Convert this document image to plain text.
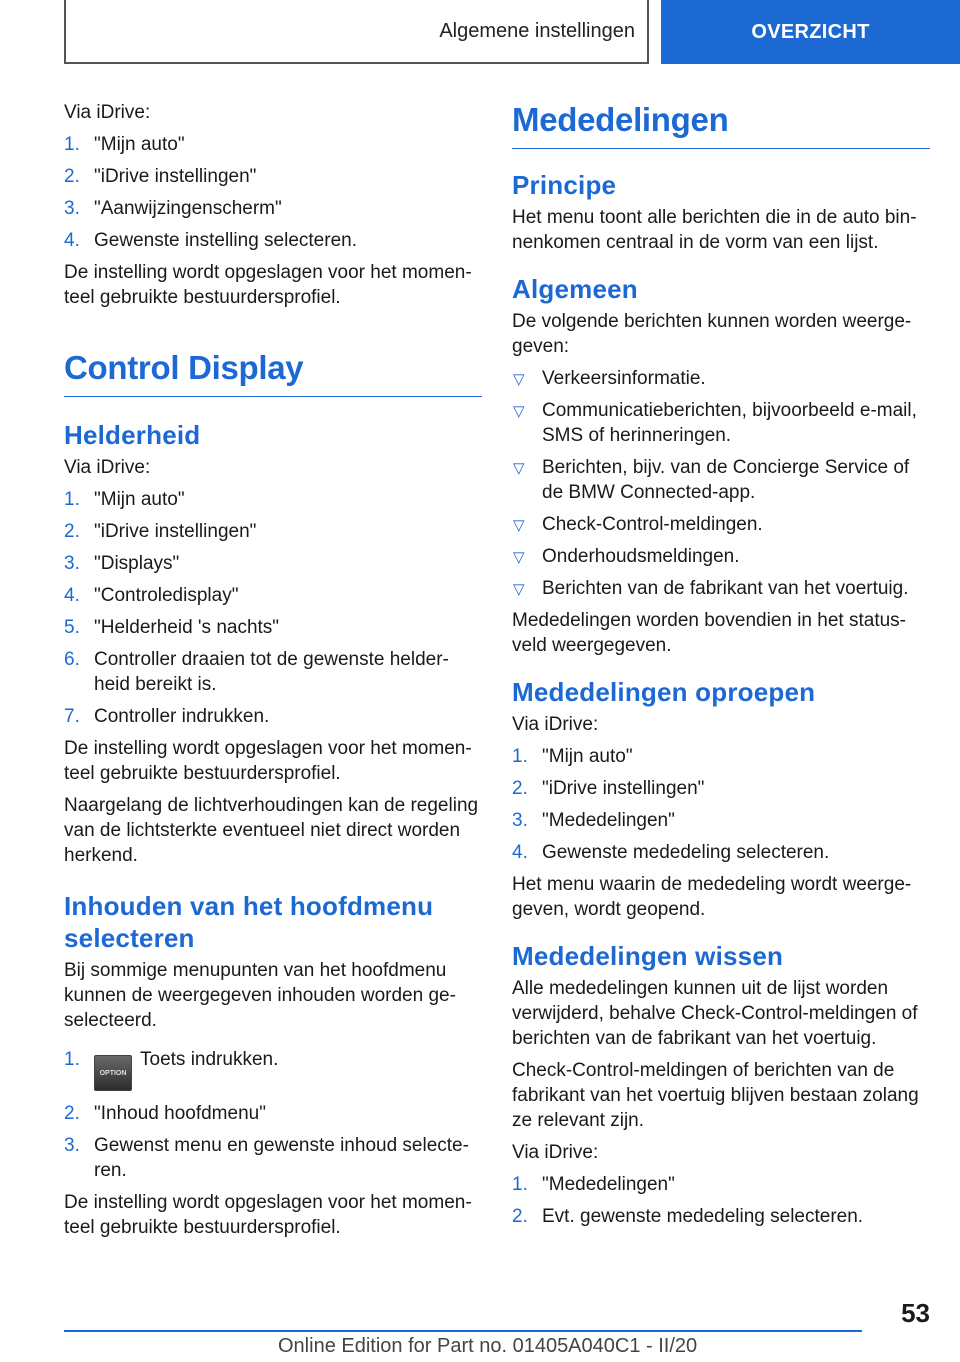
Algemene instellingen	OVERZICHT

Via iDrive:

1. "Mijn auto"
2. "iDrive instellingen"
3. "Aanwijzingenscherm"
4. Gewenste instelling selecteren.

De instelling wordt opgeslagen voor het momen-teel gebruikte bestuurdersprofiel.

Control Display
Helderheid

Via iDrive:

1. "Mijn auto"
2. "iDrive instellingen"
3. "Displays"
4. "Controledisplay"
5. "Helderheid 's nachts"
6. Controller draaien tot de gewenste helder-heid bereikt is.
7. Controller indrukken.

De instelling wordt opgeslagen voor het momen-teel gebruikte bestuurdersprofiel.

Naargelang de lichtverhoudingen kan de regeling van de lichtsterkte eventueel niet direct worden herkend.

Inhouden van het hoofdmenu selecteren

Bij sommige menupunten van het hoofdmenu kunnen de weergegeven inhouden worden ge-selecteerd.

1.
OPTIONToets indrukken.
2. "Inhoud hoofdmenu"
3. Gewenst menu en gewenste inhoud selecte-ren.

De instelling wordt opgeslagen voor het momen-teel gebruikte bestuurdersprofiel.

Mededelingen
Principe

Het menu toont alle berichten die in de auto bin-nenkomen centraal in de vorm van een lijst.

Algemeen

De volgende berichten kunnen worden weerge-geven:

▽ Verkeersinformatie.
▽ Communicatieberichten, bijvoorbeeld e-mail, SMS of herinneringen.
▽ Berichten, bijv. van de Concierge Service of de BMW Connected-app.
▽ Check-Control-meldingen.
▽ Onderhoudsmeldingen.
▽ Berichten van de fabrikant van het voertuig.

Mededelingen worden bovendien in het status-veld weergegeven.

Mededelingen oproepen

Via iDrive:

1. "Mijn auto"
2. "iDrive instellingen"
3. "Mededelingen"
4. Gewenste mededeling selecteren.

Het menu waarin de mededeling wordt weerge-geven, wordt geopend.

Mededelingen wissen

Alle mededelingen kunnen uit de lijst worden verwijderd, behalve Check-Control-meldingen of berichten van de fabrikant van het voertuig.

Check-Control-meldingen of berichten van de fabrikant van het voertuig blijven bestaan zolang ze relevant zijn.

Via iDrive:

1. "Mededelingen"
2. Evt. gewenste mededeling selecteren.
53
Online Edition for Part no. 01405A040C1 - II/20
